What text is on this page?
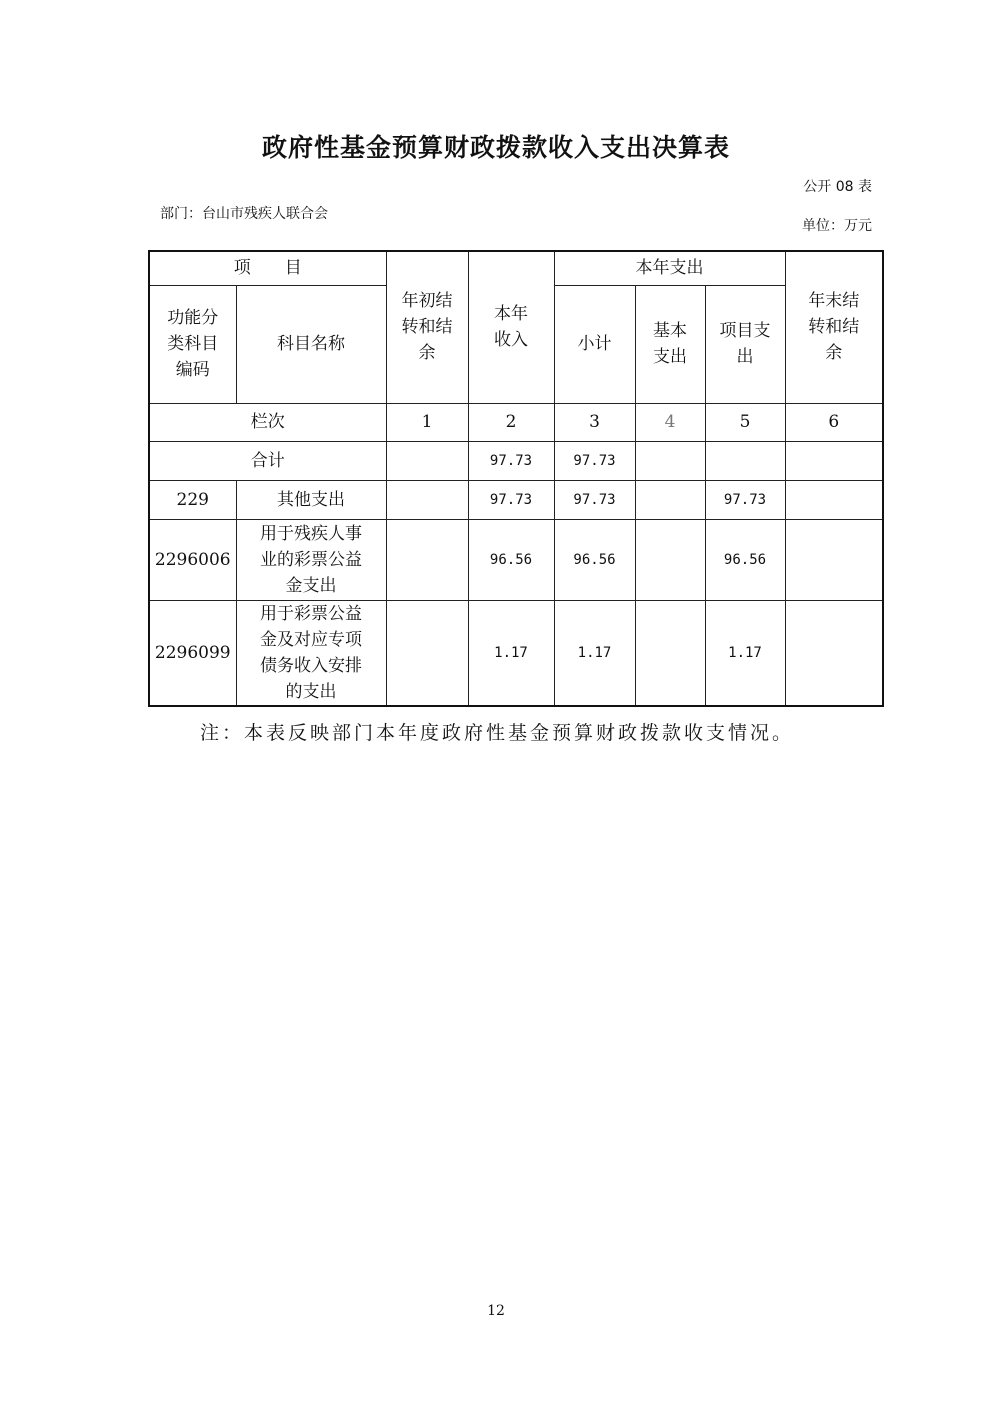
政府性基金预算财政拨款收入支出决算表
公开 08 表
部门：台山市残疾人联合会
单位：万元
项　　目		年初结转和结余	本年收入	本年支出			年末结转和结余

功能分类科目编码	科目名称			小计	基本支出	项目支出	

栏次		1	2	3	4	5	6
合计			97.73	97.73			
229	其他支出		97.73	97.73		97.73	
2296006	用于残疾人事业的彩票公益金支出		96.56	96.56		96.56	
2296099	用于彩票公益金及对应专项债务收入安排的支出		1.17	1.17		1.17	
注：本表反映部门本年度政府性基金预算财政拨款收支情况。
12
